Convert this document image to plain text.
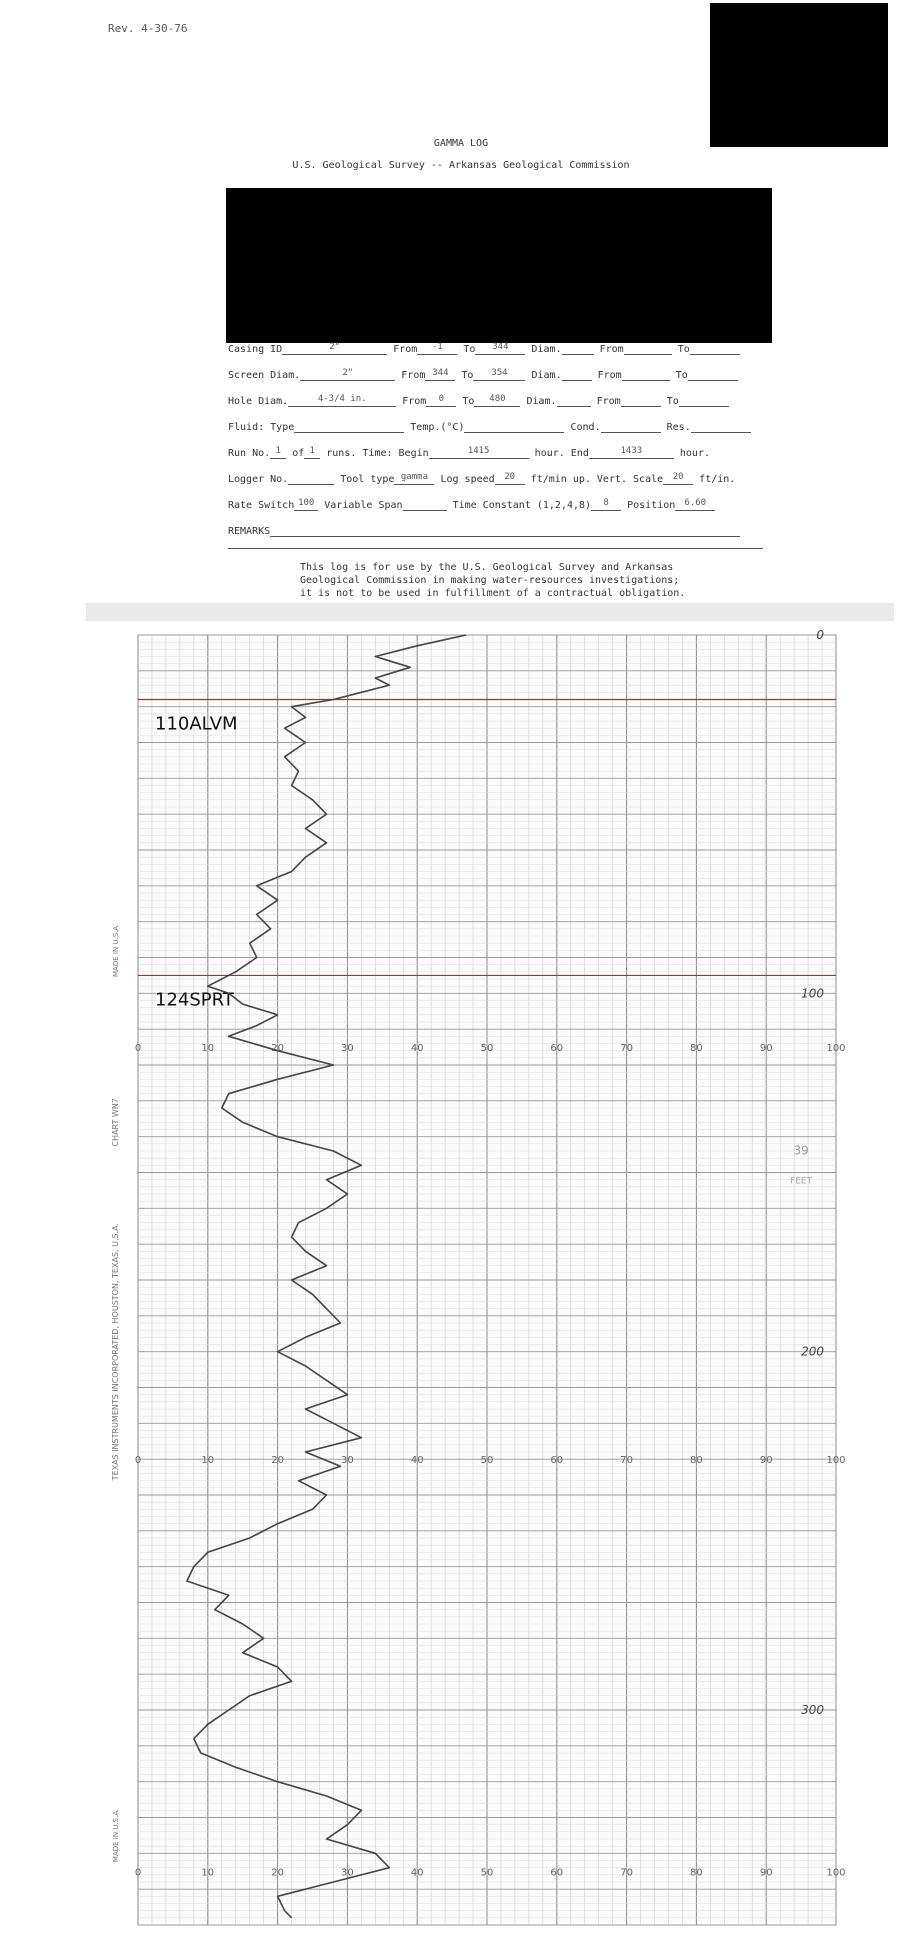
Rev. 4-30-76
GAMMA LOG
U.S. Geological Survey -- Arkansas Geological Commission
Casing ID	2"	From -1 To 344 Diam.	From	To
Screen Diam.	2"	From 344 To 354 Diam.	From	To
Hole Diam.	4-3/4 in.	From 0 To 480 Diam.	From	To
Fluid: Type	Temp.(°C)	Cond.	Res.
Run No. 1 of 1 runs. Time: Begin	1415	hour. End	1433	hour.
Logger No.	Tool type gamma Log speed 20 ft/min up. Vert. Scale 20 ft/in.
Rate Switch 100 Variable Span	Time Constant (1,2,4,8) 8 Position 6.60
REMARKS
This log is for use by the U.S. Geological Survey and Arkansas
Geological Commission in making water-resources investigations;
it is not to be used in fulfillment of a contractual obligation.
110ALVM
124SPRT
0	10	20	30	40	50	60	70	80	90	100
0	10	20	30	40	50	60	70	80	90	100
0	10	20	30	40	50	60	70	80	90	100
0
100
200
300
MADE IN U.S.A.
CHART WN7
TEXAS INSTRUMENTS INCORPORATED, HOUSTON, TEXAS, U.S.A.
MADE IN U.S.A.
39
FEET
